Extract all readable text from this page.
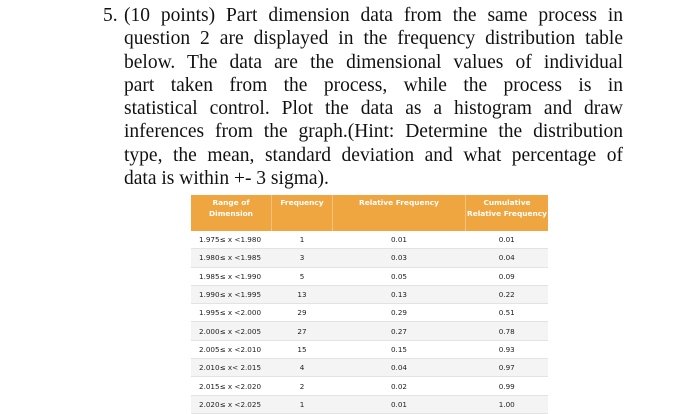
5. (10 points) Part dimension data from the same process in
question 2 are displayed in the frequency distribution table
below. The data are the dimensional values of individual
part taken from the process, while the process is in
statistical control. Plot the data as a histogram and draw
inferences from the graph.(Hint: Determine the distribution
type, the mean, standard deviation and what percentage of
data is within +- 3 sigma).
Range of Dimension	Frequency	Relative Frequency	Cumulative Relative Frequency
1.975≤ x <1.980	1	0.01	0.01
1.980≤ x <1.985	3	0.03	0.04
1.985≤ x <1.990	5	0.05	0.09
1.990≤ x <1.995	13	0.13	0.22
1.995≤ x <2.000	29	0.29	0.51
2.000≤ x <2.005	27	0.27	0.78
2.005≤ x <2.010	15	0.15	0.93
2.010≤ x< 2.015	4	0.04	0.97
2.015≤ x <2.020	2	0.02	0.99
2.020≤ x <2.025	1	0.01	1.00
